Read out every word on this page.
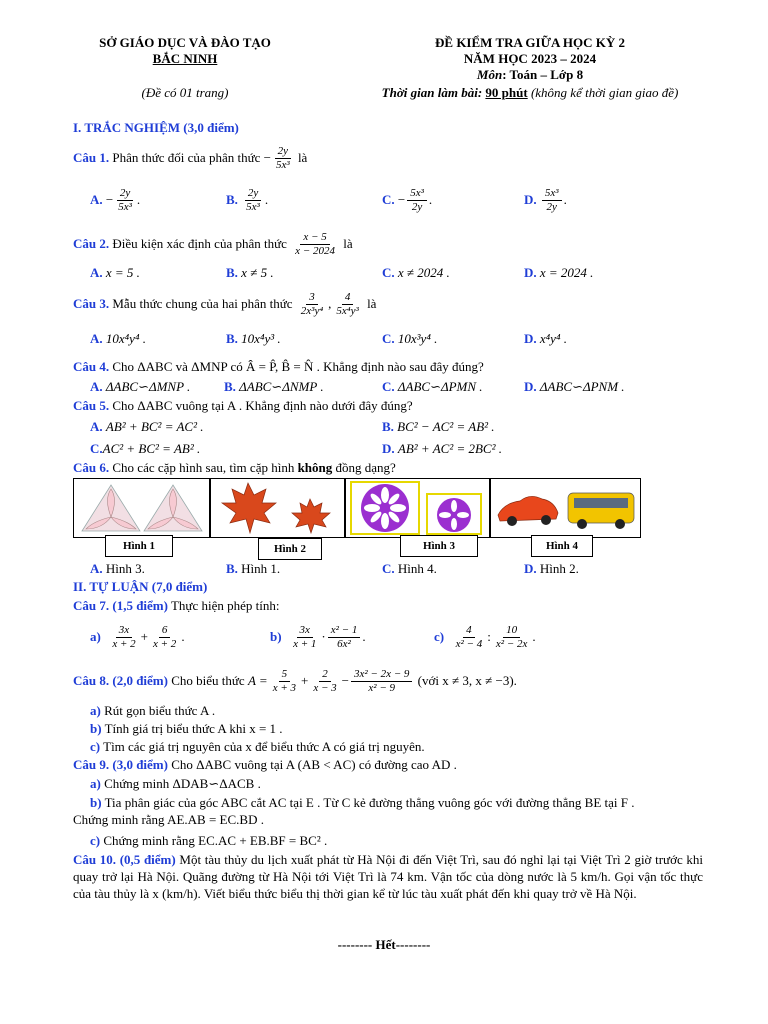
SỞ GIÁO DỤC VÀ ĐÀO TẠO
BẮC NINH
(Đề có 01 trang)
ĐỀ KIỂM TRA GIỮA HỌC KỲ 2
NĂM HỌC 2023 – 2024
Môn: Toán – Lớp 8
Thời gian làm bài: 90 phút (không kể thời gian giao đề)
I. TRẮC NGHIỆM (3,0 điểm)
Câu 1.
Phân thức đối của phân thức
− $\frac{2y}{\text{5x³}}$
là
A.
− $\frac{2y}{\text{5x³}}$ .	B.
$\frac{2y}{\text{5x³}}$ .	C.
− $\frac{\text{5x³}}{2y}$ .	D.
$\frac{\text{5x³}}{2y}$ .
Câu 2.
Điều kiện xác định của phân thức
$\frac{x - 5}{x - 2024}$
là
A. x = 5 .	B. x ≠ 5 .	C. x ≠ 2024 .	D. x = 2024 .
Câu 3.
Mẫu thức chung của hai phân thức
$\frac{3}{\text{2x³y⁴}}$ , $\frac{4}{\text{5x⁴y³}}$
là
A. 10x⁴y⁴ .	B. 10x⁴y³ .	C. 10x³y⁴ .	D. x⁴y⁴ .
Câu 4. Cho ΔABC và ΔMNP có Â = P̂, B̂ = N̂ . Khẳng định nào sau đây đúng?
A. ΔABC∽ΔMNP .	B. ΔABC∽ΔNMP .	C. ΔABC∽ΔPMN .	D. ΔABC∽ΔPNM .
Câu 5. Cho ΔABC vuông tại A . Khẳng định nào dưới đây đúng?
A. AB² + BC² = AC² .	B. BC² − AC² = AB² .
C.AC² + BC² = AB² .	D. AB² + AC² = 2BC² .
Câu 6. Cho các cặp hình sau, tìm cặp hình không đồng dạng?
Hình 1	Hình 2	Hình 3	Hình 4
A. Hình 3.	B. Hình 1.	C. Hình 4.	D. Hình 2.
II. TỰ LUẬN (7,0 điểm)
Câu 7. (1,5 điểm) Thực hiện phép tính:
a)
$\frac{3x}{x + 2} + \frac{6}{x + 2}$ .	b)
$\frac{3x}{x + 1} \cdot \frac{\text{x² − 1}}{\text{6x²}}$ .	c)
$\frac{4}{\text{x² − 4}}$ : $\frac{10}{\text{x² − 2x}}$ .
Câu 8. (2,0 điểm)
Cho biểu thức
$A = \frac{5}{x + 3} + \frac{2}{x - 3} - \frac{\text{3x² − 2x − 9}}{\text{x² − 9}}$
(với x ≠ 3, x ≠ −3).
a) Rút gọn biểu thức A .
b) Tính giá trị biểu thức A khi x = 1 .
c) Tìm các giá trị nguyên của x để biểu thức A có giá trị nguyên.
Câu 9. (3,0 điểm) Cho ΔABC vuông tại A (AB < AC) có đường cao AD .
a) Chứng minh ΔDAB∽ΔACB .
b) Tia phân giác của góc ABC cắt AC tại E . Từ C kẻ đường thẳng vuông góc với đường thẳng BE tại F .
Chứng minh rằng AE.AB = EC.BD .
c) Chứng minh rằng EC.AC + EB.BF = BC² .
Câu 10. (0,5 điểm) Một tàu thủy du lịch xuất phát từ Hà Nội đi đến Việt Trì, sau đó nghỉ lại tại Việt Trì 2 giờ trước khi quay trở lại Hà Nội. Quãng đường từ Hà Nội tới Việt Trì là 74 km. Vận tốc của dòng nước là 5 km/h. Gọi vận tốc thực của tàu thủy là x (km/h). Viết biểu thức biểu thị thời gian kể từ lúc tàu xuất phát đến khi quay trở về Hà Nội.
-------- Hết--------
